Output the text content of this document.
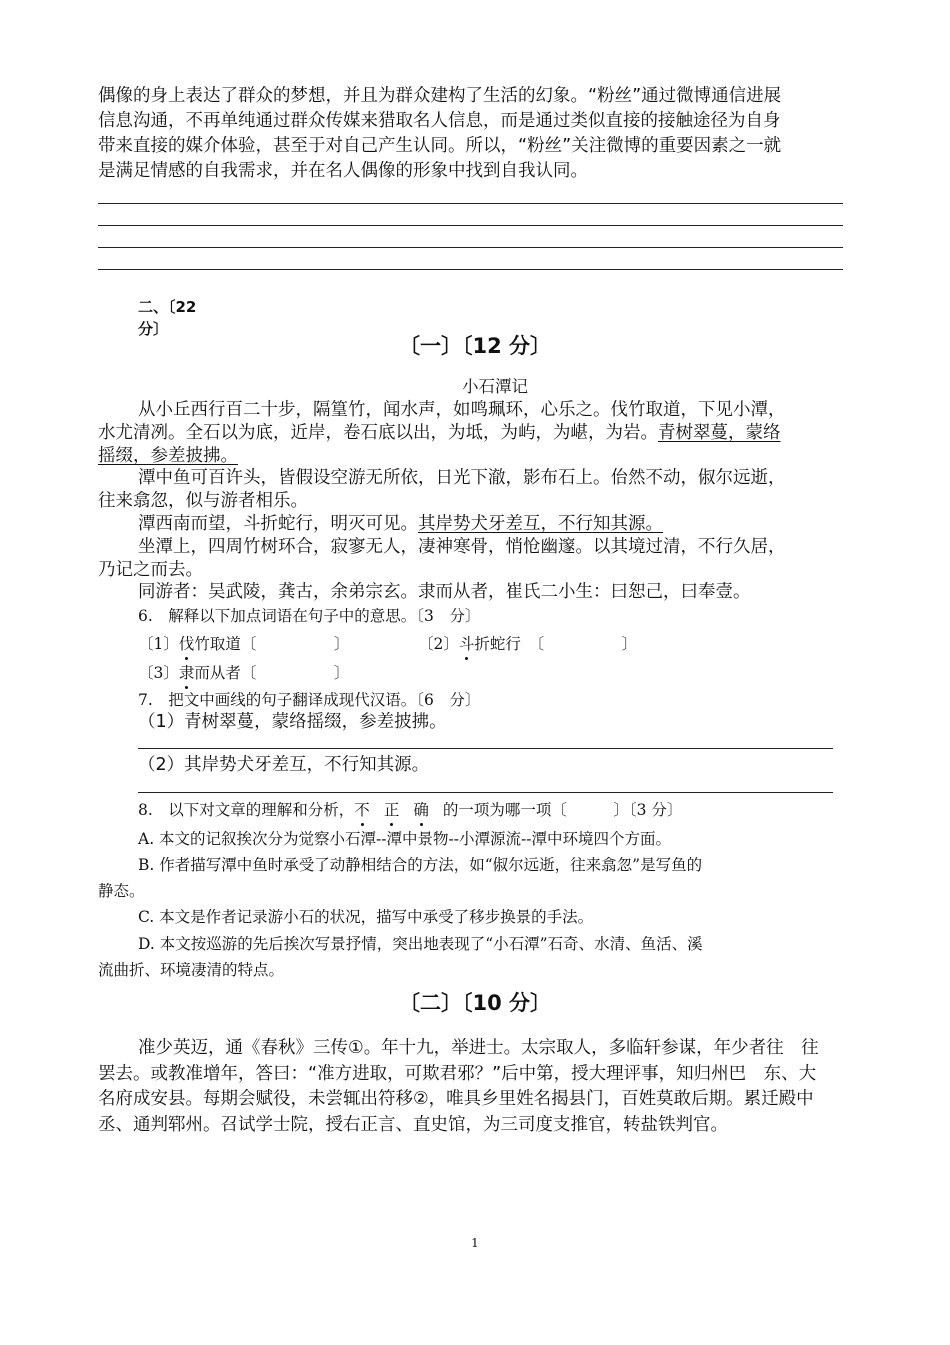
偶像的身上表达了群众的梦想，并且为群众建构了生活的幻象。“粉丝”通过微博通信进展
信息沟通，不再单纯通过群众传媒来猎取名人信息，而是通过类似直接的接触途径为自身
带来直接的媒介体验，甚至于对自己产生认同。所以，“粉丝”关注微博的重要因素之一就
是满足情感的自我需求，并在名人偶像的形象中找到自我认同。
二、〔22
分〕
〔一〕〔12 分〕
小石潭记
从小丘西行百二十步，隔篁竹，闻水声，如鸣珮环，心乐之。伐竹取道，下见小潭，
水尤清冽。全石以为底，近岸，卷石底以出，为坻，为屿，为嵁，为岩。青树翠蔓，蒙络
摇缀，参差披拂。
潭中鱼可百许头，皆假设空游无所依，日光下澈，影布石上。佁然不动，俶尔远逝，
往来翕忽，似与游者相乐。
潭西南而望，斗折蛇行，明灭可见。其岸势犬牙差互，不行知其源。
坐潭上，四周竹树环合，寂寥无人，凄神寒骨，悄怆幽邃。以其境过清，不行久居，
乃记之而去。
同游者：吴武陵，龚古，余弟宗玄。隶而从者，崔氏二小生：曰恕己，曰奉壹。
6.　解释以下加点词语在句子中的意思。〔3　分〕
〔1〕伐竹取道〔　　　　　〕	〔2〕斗折蛇行　〔　　　　　〕
〔3〕隶而从者〔　　　　　〕
7.　把文中画线的句子翻译成现代汉语。〔6　分〕
（1）青树翠蔓，蒙络摇缀，参差披拂。
（2）其岸势犬牙差互，不行知其源。
8.　以下对文章的理解和分析，不 正 确 的一项为哪一项〔　　　〕〔3 分〕
A. 本文的记叙挨次分为觉察小石潭--潭中景物--小潭源流--潭中环境四个方面。
B. 作者描写潭中鱼时承受了动静相结合的方法，如“俶尔远逝，往来翕忽”是写鱼的
静态。
C. 本文是作者记录游小石的状况，描写中承受了移步换景的手法。
D. 本文按巡游的先后挨次写景抒情，突出地表现了“小石潭”石奇、水清、鱼活、溪
流曲折、环境凄清的特点。
〔二〕〔10 分〕
准少英迈，通《春秋》三传①。年十九，举进士。太宗取人，多临轩参谋，年少者往　往
罢去。或教准增年，答曰：“准方进取，可欺君邪？”后中第，授大理评事，知归州巴　东、大
名府成安县。每期会赋役，未尝辄出符移②，唯具乡里姓名揭县门，百姓莫敢后期。累迁殿中
丞、通判郓州。召试学士院，授右正言、直史馆，为三司度支推官，转盐铁判官。
1
